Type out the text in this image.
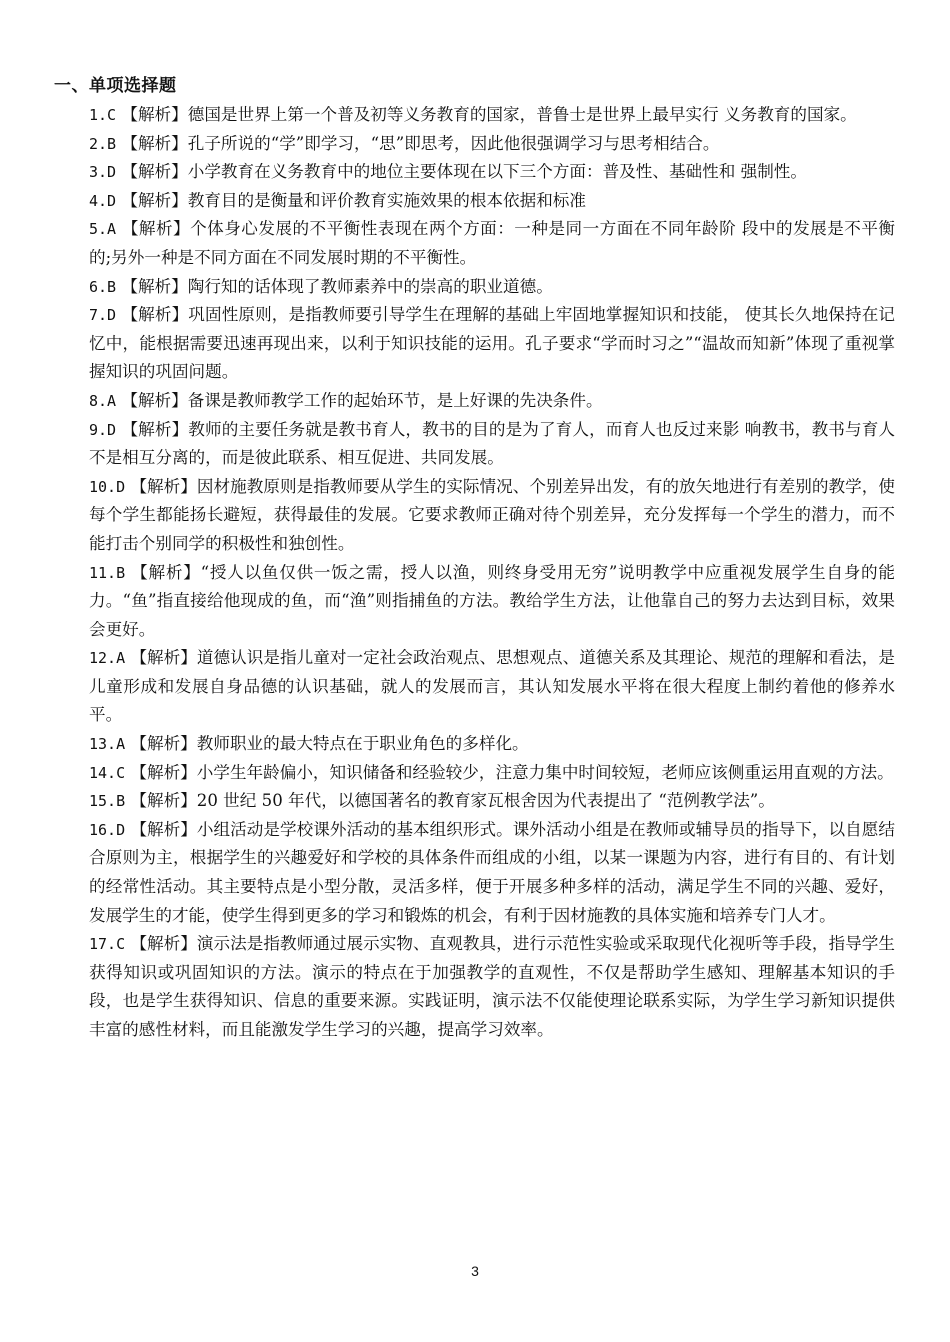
一、单项选择题

1.C 【解析】德国是世界上第一个普及初等义务教育的国家，普鲁士是世界上最早实行 义务教育的国家。

2.B 【解析】孔子所说的“学”即学习，“思”即思考，因此他很强调学习与思考相结合。

3.D 【解析】小学教育在义务教育中的地位主要体现在以下三个方面：普及性、基础性和 强制性。

4.D 【解析】教育目的是衡量和评价教育实施效果的根本依据和标准

5.A 【解析】个体身心发展的不平衡性表现在两个方面：一种是同一方面在不同年龄阶 段中的发展是不平衡的;另外一种是不同方面在不同发展时期的不平衡性。

6.B 【解析】陶行知的话体现了教师素养中的崇高的职业道德。

7.D 【解析】巩固性原则，是指教师要引导学生在理解的基础上牢固地掌握知识和技能， 使其长久地保持在记忆中，能根据需要迅速再现出来，以利于知识技能的运用。孔子要求“学而时习之”“温故而知新”体现了重视掌握知识的巩固问题。

8.A 【解析】备课是教师教学工作的起始环节，是上好课的先决条件。

9.D 【解析】教师的主要任务就是教书育人，教书的目的是为了育人，而育人也反过来影 响教书，教书与育人不是相互分离的，而是彼此联系、相互促进、共同发展。

10.D 【解析】因材施教原则是指教师要从学生的实际情况、个别差异出发，有的放矢地进行有差别的教学，使每个学生都能扬长避短，获得最佳的发展。它要求教师正确对待个别差异，充分发挥每一个学生的潜力，而不能打击个别同学的积极性和独创性。

11.B 【解析】“授人以鱼仅供一饭之需，授人以渔，则终身受用无穷”说明教学中应重视发展学生自身的能力。“鱼”指直接给他现成的鱼，而“渔”则指捕鱼的方法。教给学生方法，让他靠自己的努力去达到目标，效果会更好。

12.A 【解析】道德认识是指儿童对一定社会政治观点、思想观点、道德关系及其理论、规范的理解和看法，是儿童形成和发展自身品德的认识基础，就人的发展而言，其认知发展水平将在很大程度上制约着他的修养水平。

13.A 【解析】教师职业的最大特点在于职业角色的多样化。

14.C 【解析】小学生年龄偏小，知识储备和经验较少，注意力集中时间较短，老师应该侧重运用直观的方法。

15.B 【解析】20 世纪 50 年代，以德国著名的教育家瓦根舍因为代表提出了 “范例教学法”。

16.D 【解析】小组活动是学校课外活动的基本组织形式。课外活动小组是在教师或辅导员的指导下，以自愿结合原则为主，根据学生的兴趣爱好和学校的具体条件而组成的小组，以某一课题为内容，进行有目的、有计划的经常性活动。其主要特点是小型分散，灵活多样，便于开展多种多样的活动，满足学生不同的兴趣、爱好，发展学生的才能，使学生得到更多的学习和锻炼的机会，有利于因材施教的具体实施和培养专门人才。

17.C 【解析】演示法是指教师通过展示实物、直观教具，进行示范性实验或采取现代化视听等手段，指导学生获得知识或巩固知识的方法。演示的特点在于加强教学的直观性，不仅是帮助学生感知、理解基本知识的手段，也是学生获得知识、信息的重要来源。实践证明，演示法不仅能使理论联系实际，为学生学习新知识提供丰富的感性材料，而且能激发学生学习的兴趣，提高学习效率。

3
